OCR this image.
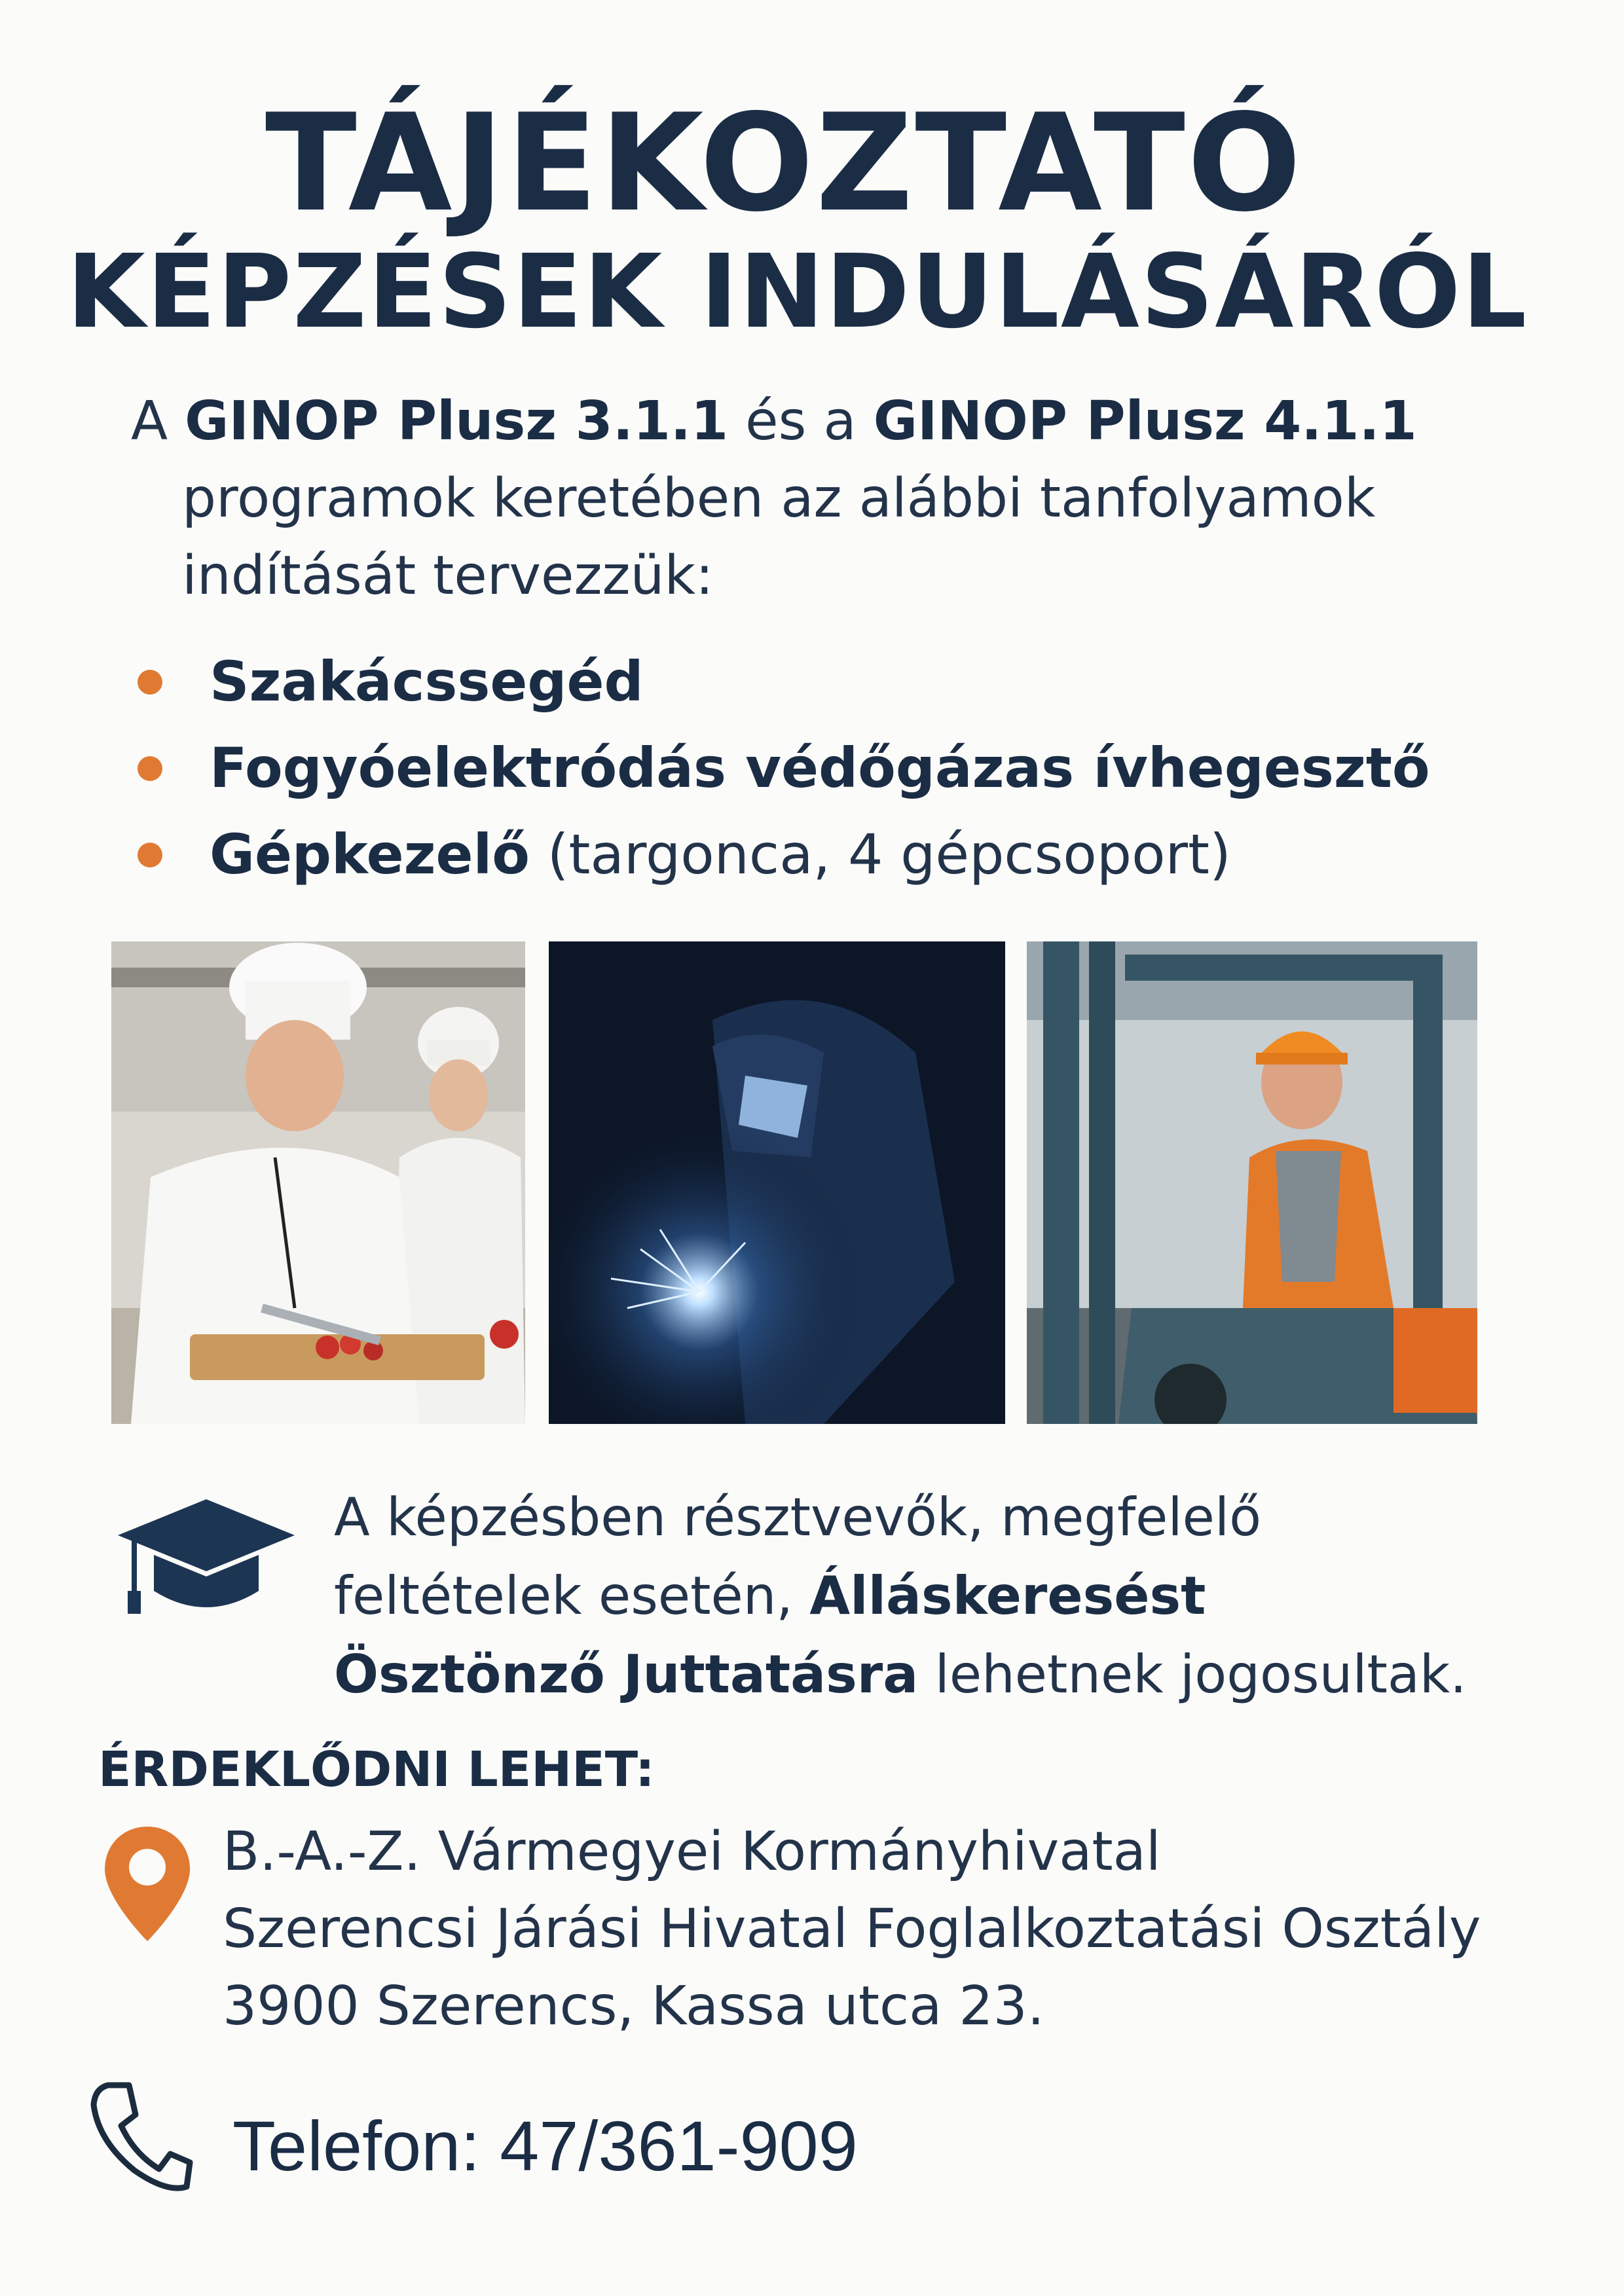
TÁJÉKOZTATÓ
KÉPZÉSEK INDULÁSÁRÓL
A GINOP Plusz 3.1.1 és a GINOP Plusz 4.1.1
programok keretében az alábbi tanfolyamok
indítását tervezzük:
Szakácssegéd
Fogyóelektródás védőgázas ívhegesztő
Gépkezelő (targonca, 4 gépcsoport)
A képzésben résztvevők, megfelelő
feltételek esetén, Álláskeresést
Ösztönző Juttatásra lehetnek jogosultak.
ÉRDEKLŐDNI LEHET:
B.-A.-Z. Vármegyei Kormányhivatal
Szerencsi Járási Hivatal Foglalkoztatási Osztály
3900 Szerencs, Kassa utca 23.
Telefon: 47/361-909
